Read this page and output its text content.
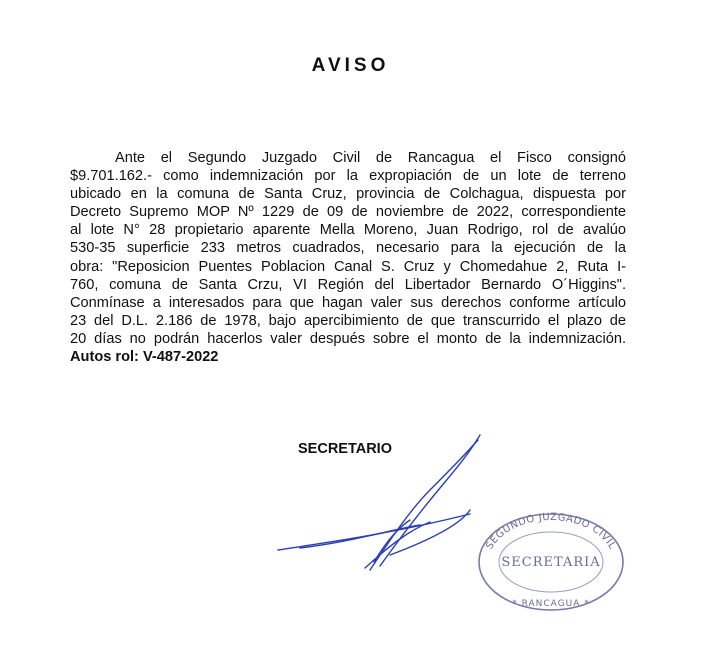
AVISO
Ante el Segundo Juzgado Civil de Rancagua el Fisco consignó
$9.701.162.- como indemnización por la expropiación de un lote de terreno
ubicado en la comuna de Santa Cruz, provincia de Colchagua, dispuesta por
Decreto Supremo MOP Nº 1229 de 09 de noviembre de 2022, correspondiente
al lote N° 28 propietario aparente Mella Moreno, Juan Rodrigo, rol de avalúo
530-35 superficie 233 metros cuadrados, necesario para la ejecución de la
obra: "Reposicion Puentes Poblacion Canal S. Cruz y Chomedahue 2, Ruta I-
760, comuna de Santa Crzu, VI Región del Libertador Bernardo O´Higgins".
Conmínase a interesados para que hagan valer sus derechos conforme artículo
23 del D.L. 2.186 de 1978, bajo apercibimiento de que transcurrido el plazo de
20 días no podrán hacerlos valer después sobre el monto de la indemnización.
Autos rol: V-487-2022
SECRETARIO
SEGUNDO JUZGADO CIVIL
SECRETARIA
* RANCAGUA *
